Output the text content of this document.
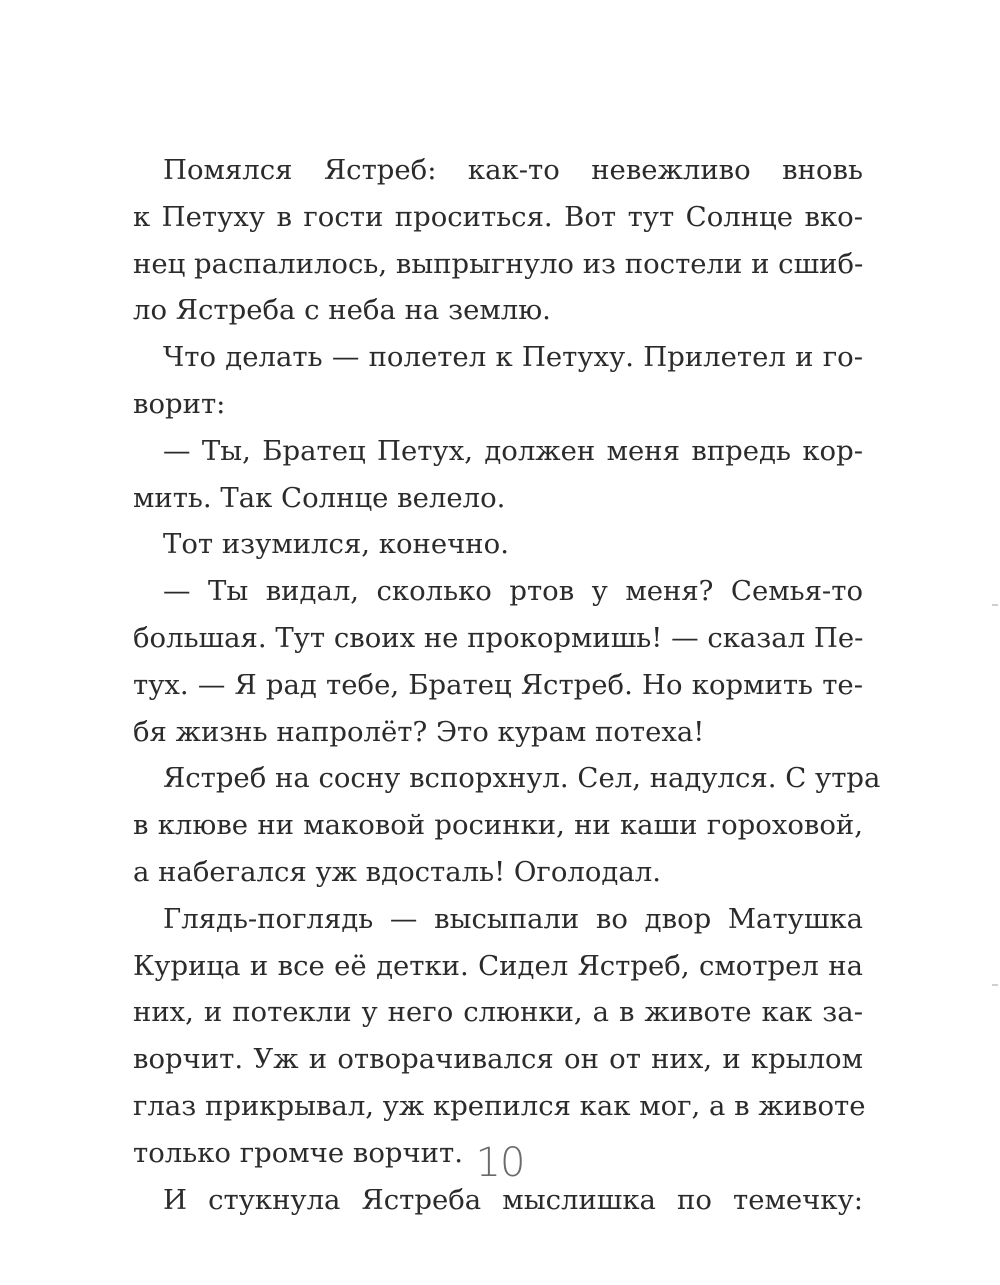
Помялся Ястреб: как-то невежливо вновь
к Петуху в гости проситься. Вот тут Солнце вко-
нец распалилось, выпрыгнуло из постели и сшиб-
ло Ястреба с неба на землю.
Что делать — полетел к Петуху. Прилетел и го-
ворит:
— Ты, Братец Петух, должен меня впредь кор-
мить. Так Солнце велело.
Тот изумился, конечно.
— Ты видал, сколько ртов у меня? Семья-то
большая. Тут своих не прокормишь! — сказал Пе-
тух. — Я рад тебе, Братец Ястреб. Но кормить те-
бя жизнь напролёт? Это курам потеха!
Ястреб на сосну вспорхнул. Сел, надулся. С утра
в клюве ни маковой росинки, ни каши гороховой,
а набегался уж вдосталь! Оголодал.
Глядь-поглядь — высыпали во двор Матушка
Курица и все её детки. Сидел Ястреб, смотрел на
них, и потекли у него слюнки, а в животе как за-
ворчит. Уж и отворачивался он от них, и крылом
глаз прикрывал, уж крепился как мог, а в животе
только громче ворчит.
И стукнула Ястреба мыслишка по темечку:
10
